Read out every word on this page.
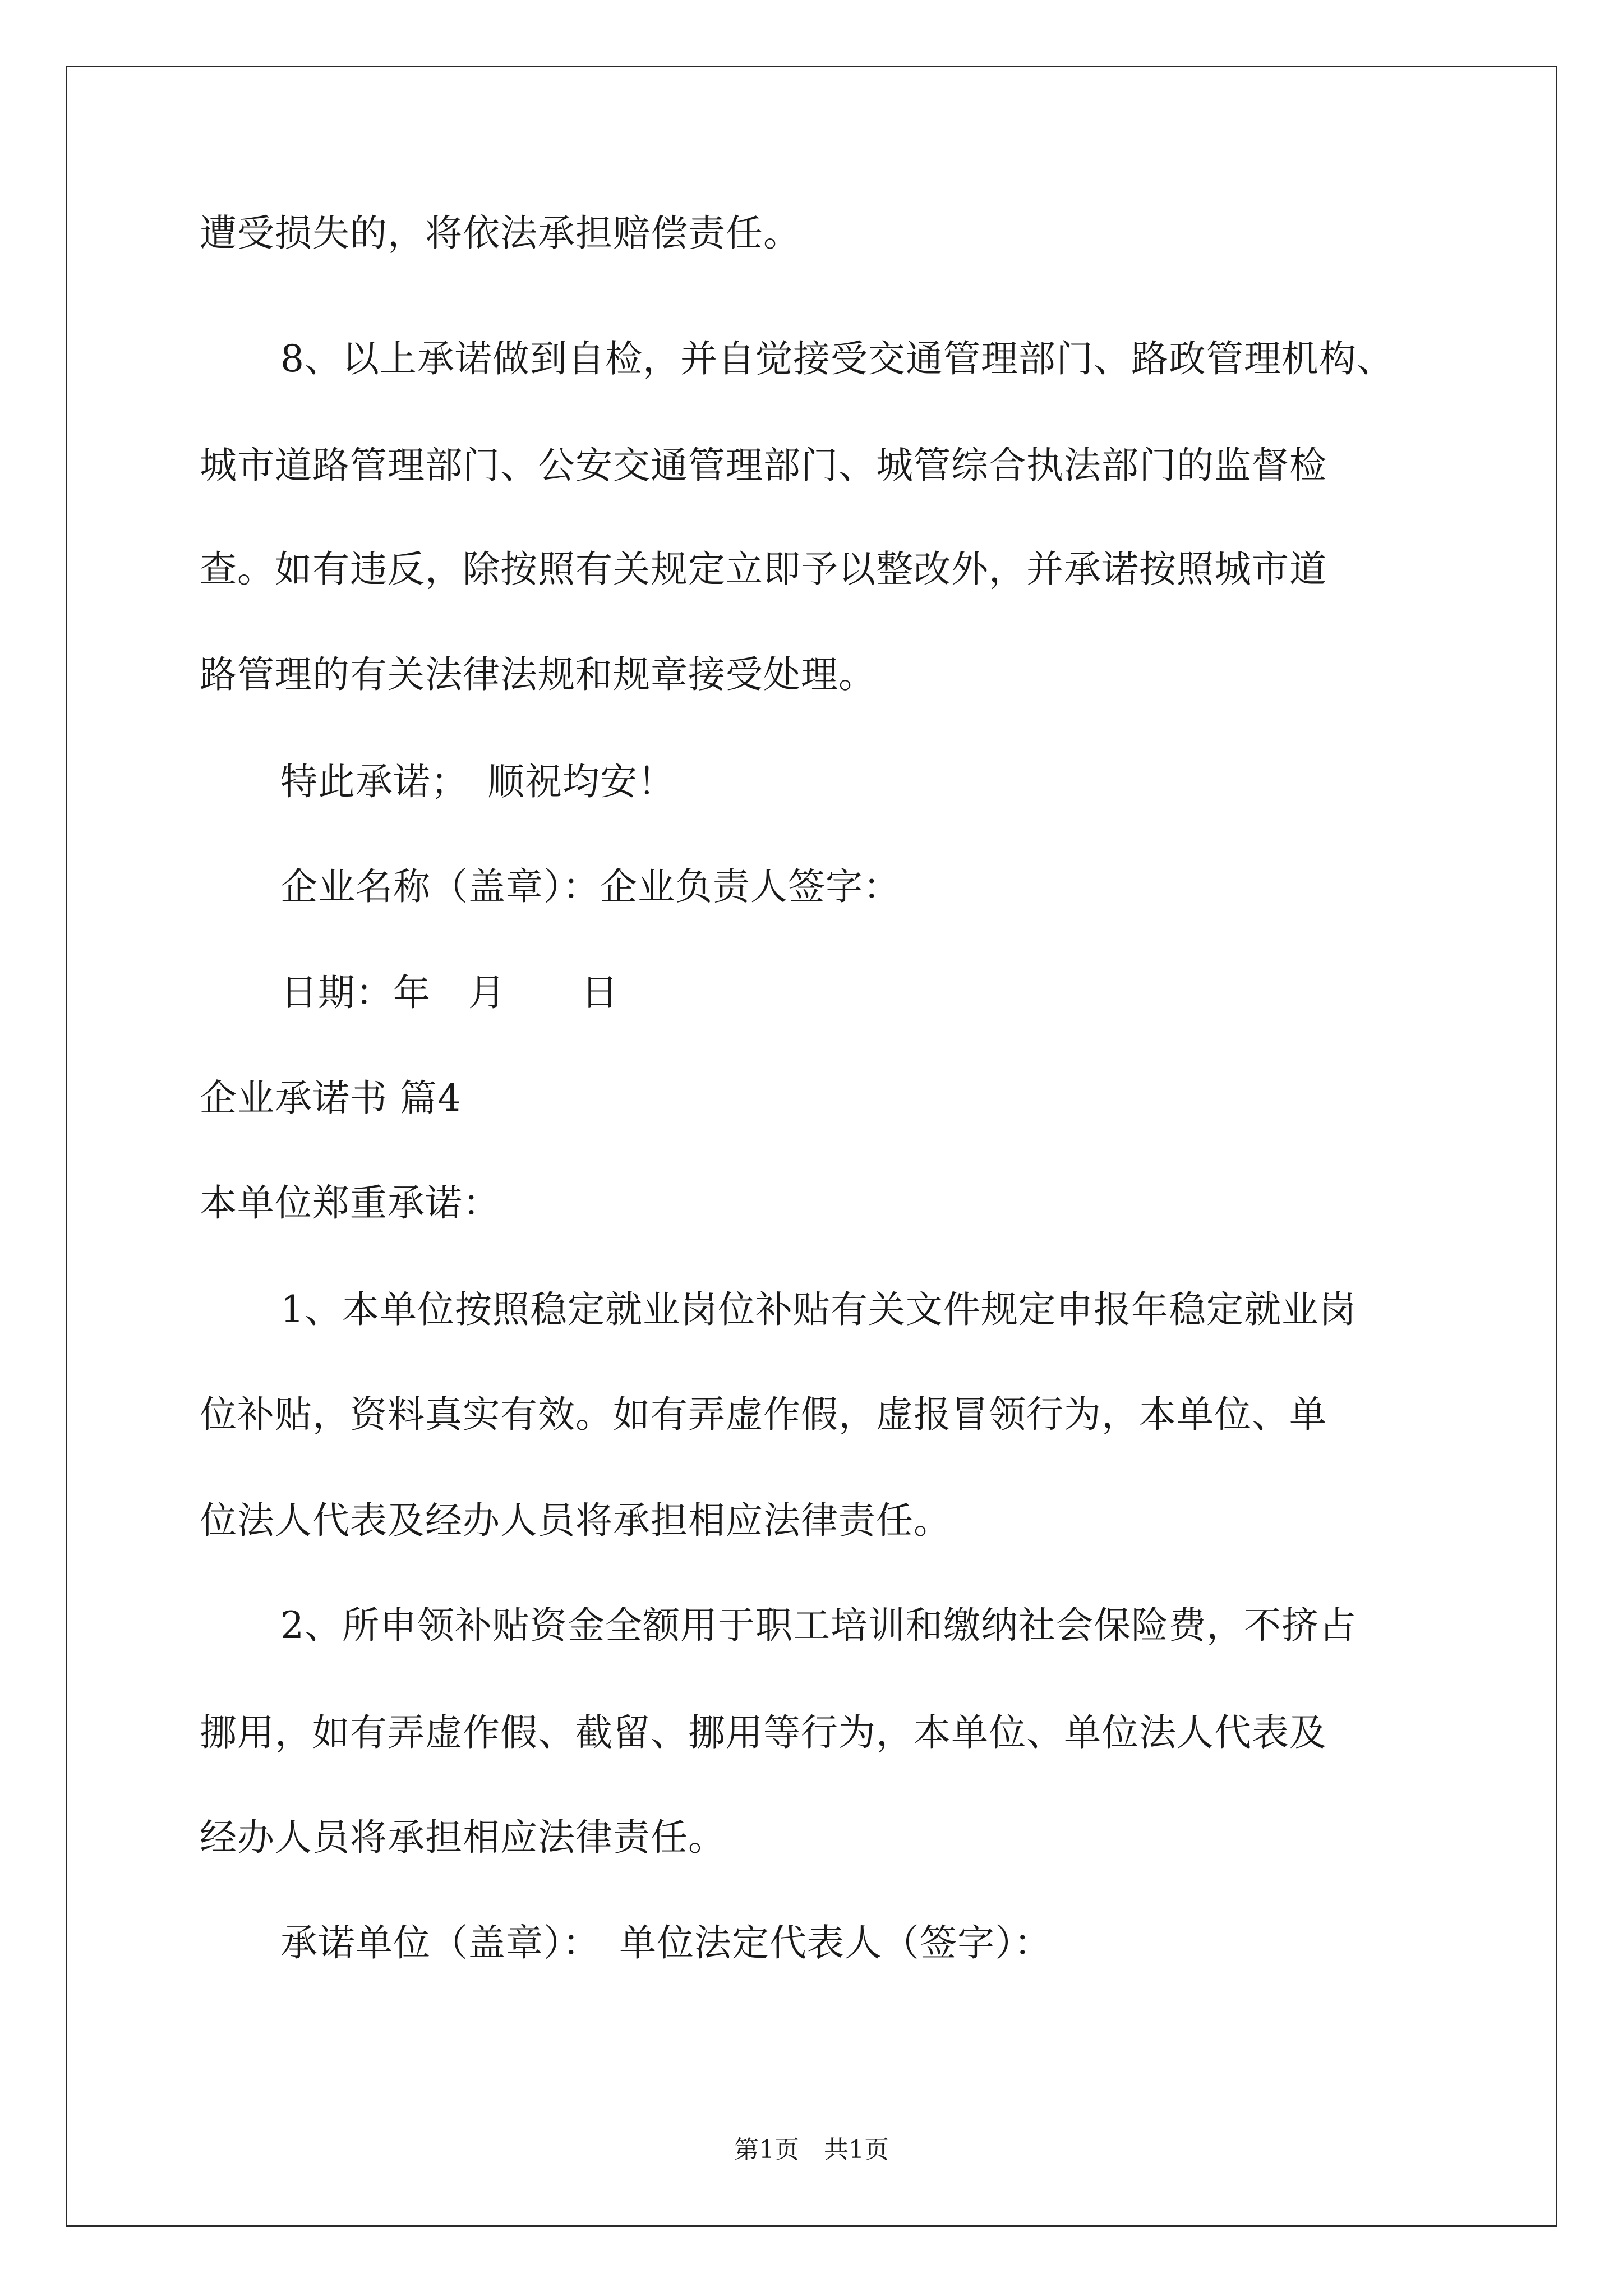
遭受损失的，将依法承担赔偿责任。
8、以上承诺做到自检，并自觉接受交通管理部门、路政管理机构、
城市道路管理部门、公安交通管理部门、城管综合执法部门的监督检
查。如有违反，除按照有关规定立即予以整改外，并承诺按照城市道
路管理的有关法律法规和规章接受处理。
特此承诺；　顺祝均安！
企业名称（盖章）：企业负责人签字：
日期：年　月　　日
企业承诺书 篇4
本单位郑重承诺：
1、本单位按照稳定就业岗位补贴有关文件规定申报年稳定就业岗
位补贴，资料真实有效。如有弄虚作假，虚报冒领行为，本单位、单
位法人代表及经办人员将承担相应法律责任。
2、所申领补贴资金全额用于职工培训和缴纳社会保险费，不挤占
挪用，如有弄虚作假、截留、挪用等行为，本单位、单位法人代表及
经办人员将承担相应法律责任。
承诺单位（盖章）：　单位法定代表人（签字）：
第1页　共1页
